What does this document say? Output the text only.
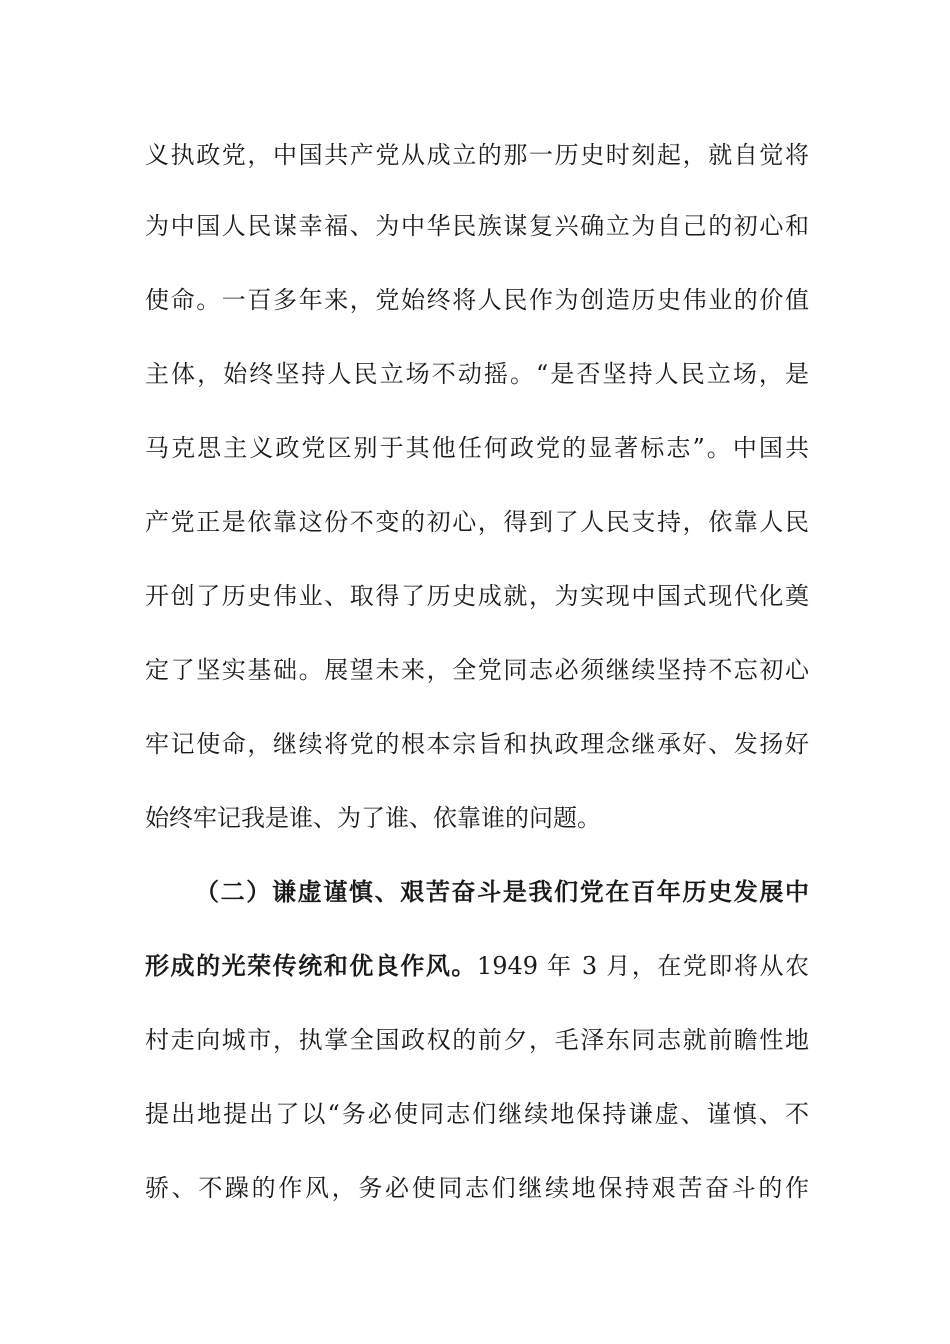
义执政党，中国共产党从成立的那一历史时刻起，就自觉将
为中国人民谋幸福、为中华民族谋复兴确立为自己的初心和
使命。一百多年来，党始终将人民作为创造历史伟业的价值
主体，始终坚持人民立场不动摇。“是否坚持人民立场，是
马克思主义政党区别于其他任何政党的显著标志”。中国共
产党正是依靠这份不变的初心，得到了人民支持，依靠人民
开创了历史伟业、取得了历史成就，为实现中国式现代化奠
定了坚实基础。展望未来，全党同志必须继续坚持不忘初心
牢记使命，继续将党的根本宗旨和执政理念继承好、发扬好
始终牢记我是谁、为了谁、依靠谁的问题。
（二）谦虚谨慎、艰苦奋斗是我们党在百年历史发展中
形成的光荣传统和优良作风。1949 年 3 月，在党即将从农
村走向城市，执掌全国政权的前夕，毛泽东同志就前瞻性地
提出地提出了以“务必使同志们继续地保持谦虚、谨慎、不
骄、不躁的作风，务必使同志们继续地保持艰苦奋斗的作
